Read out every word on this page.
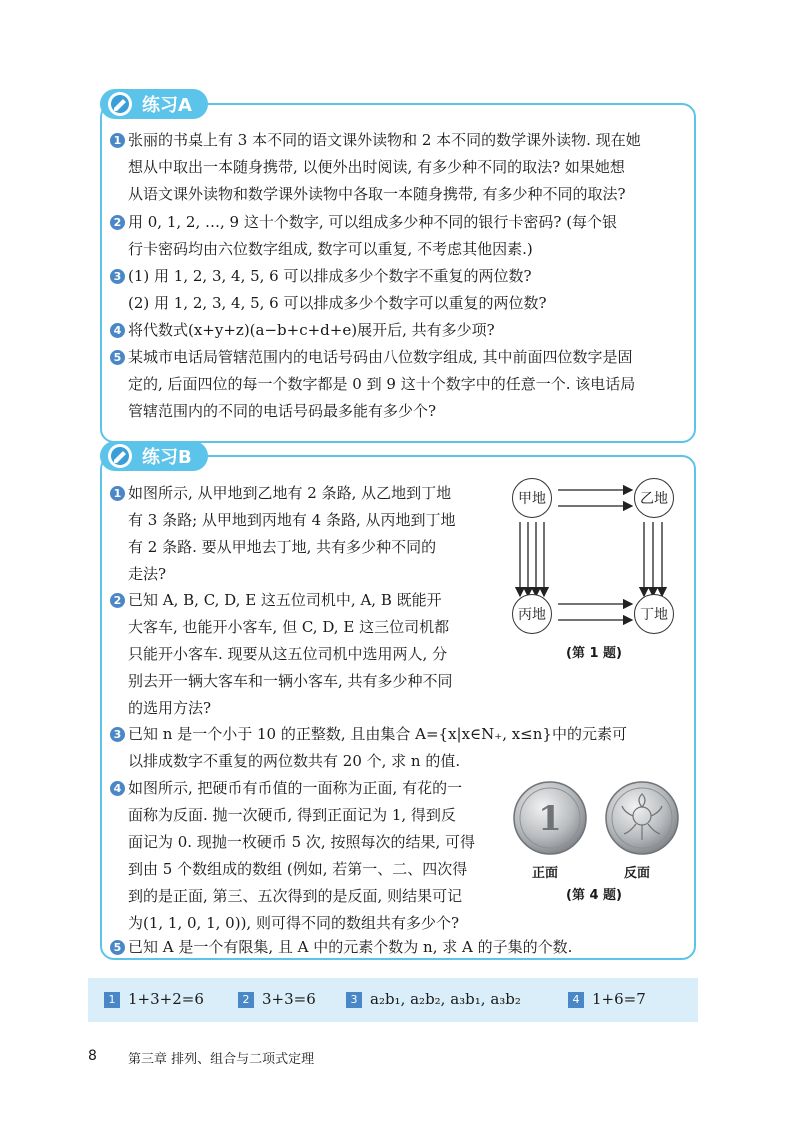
练习A
练习B
1 张丽的书桌上有 3 本不同的语文课外读物和 2 本不同的数学课外读物. 现在她
想从中取出一本随身携带, 以便外出时阅读, 有多少种不同的取法? 如果她想
从语文课外读物和数学课外读物中各取一本随身携带, 有多少种不同的取法?
2 用 0, 1, 2, …, 9 这十个数字, 可以组成多少种不同的银行卡密码? (每个银
行卡密码均由六位数字组成, 数字可以重复, 不考虑其他因素.)
3 (1) 用 1, 2, 3, 4, 5, 6 可以排成多少个数字不重复的两位数?
(2) 用 1, 2, 3, 4, 5, 6 可以排成多少个数字可以重复的两位数?
4 将代数式(x+y+z)(a−b+c+d+e)展开后, 共有多少项?
5 某城市电话局管辖范围内的电话号码由八位数字组成, 其中前面四位数字是固
定的, 后面四位的每一个数字都是 0 到 9 这十个数字中的任意一个. 该电话局
管辖范围内的不同的电话号码最多能有多少个?
1 如图所示, 从甲地到乙地有 2 条路, 从乙地到丁地
有 3 条路; 从甲地到丙地有 4 条路, 从丙地到丁地
有 2 条路. 要从甲地去丁地, 共有多少种不同的
走法?
2 已知 A, B, C, D, E 这五位司机中, A, B 既能开
大客车, 也能开小客车, 但 C, D, E 这三位司机都
只能开小客车. 现要从这五位司机中选用两人, 分
别去开一辆大客车和一辆小客车, 共有多少种不同
的选用方法?
3 已知 n 是一个小于 10 的正整数, 且由集合 A={x|x∈N₊, x≤n}中的元素可
以排成数字不重复的两位数共有 20 个, 求 n 的值.
4 如图所示, 把硬币有币值的一面称为正面, 有花的一
面称为反面. 抛一次硬币, 得到正面记为 1, 得到反
面记为 0. 现抛一枚硬币 5 次, 按照每次的结果, 可得
到由 5 个数组成的数组 (例如, 若第一、二、四次得
到的是正面, 第三、五次得到的是反面, 则结果可记
为(1, 1, 0, 1, 0)), 则可得不同的数组共有多少个?
5 已知 A 是一个有限集, 且 A 中的元素个数为 n, 求 A 的子集的个数.
甲地	乙地
丙地	丁地
(第 1 题)
1
正面	反面
(第 4 题)
1 1+3+2=6	2 3+3=6	3 a₂b₁, a₂b₂, a₃b₁, a₃b₂	4 1+6=7
8 第三章 排列、组合与二项式定理
